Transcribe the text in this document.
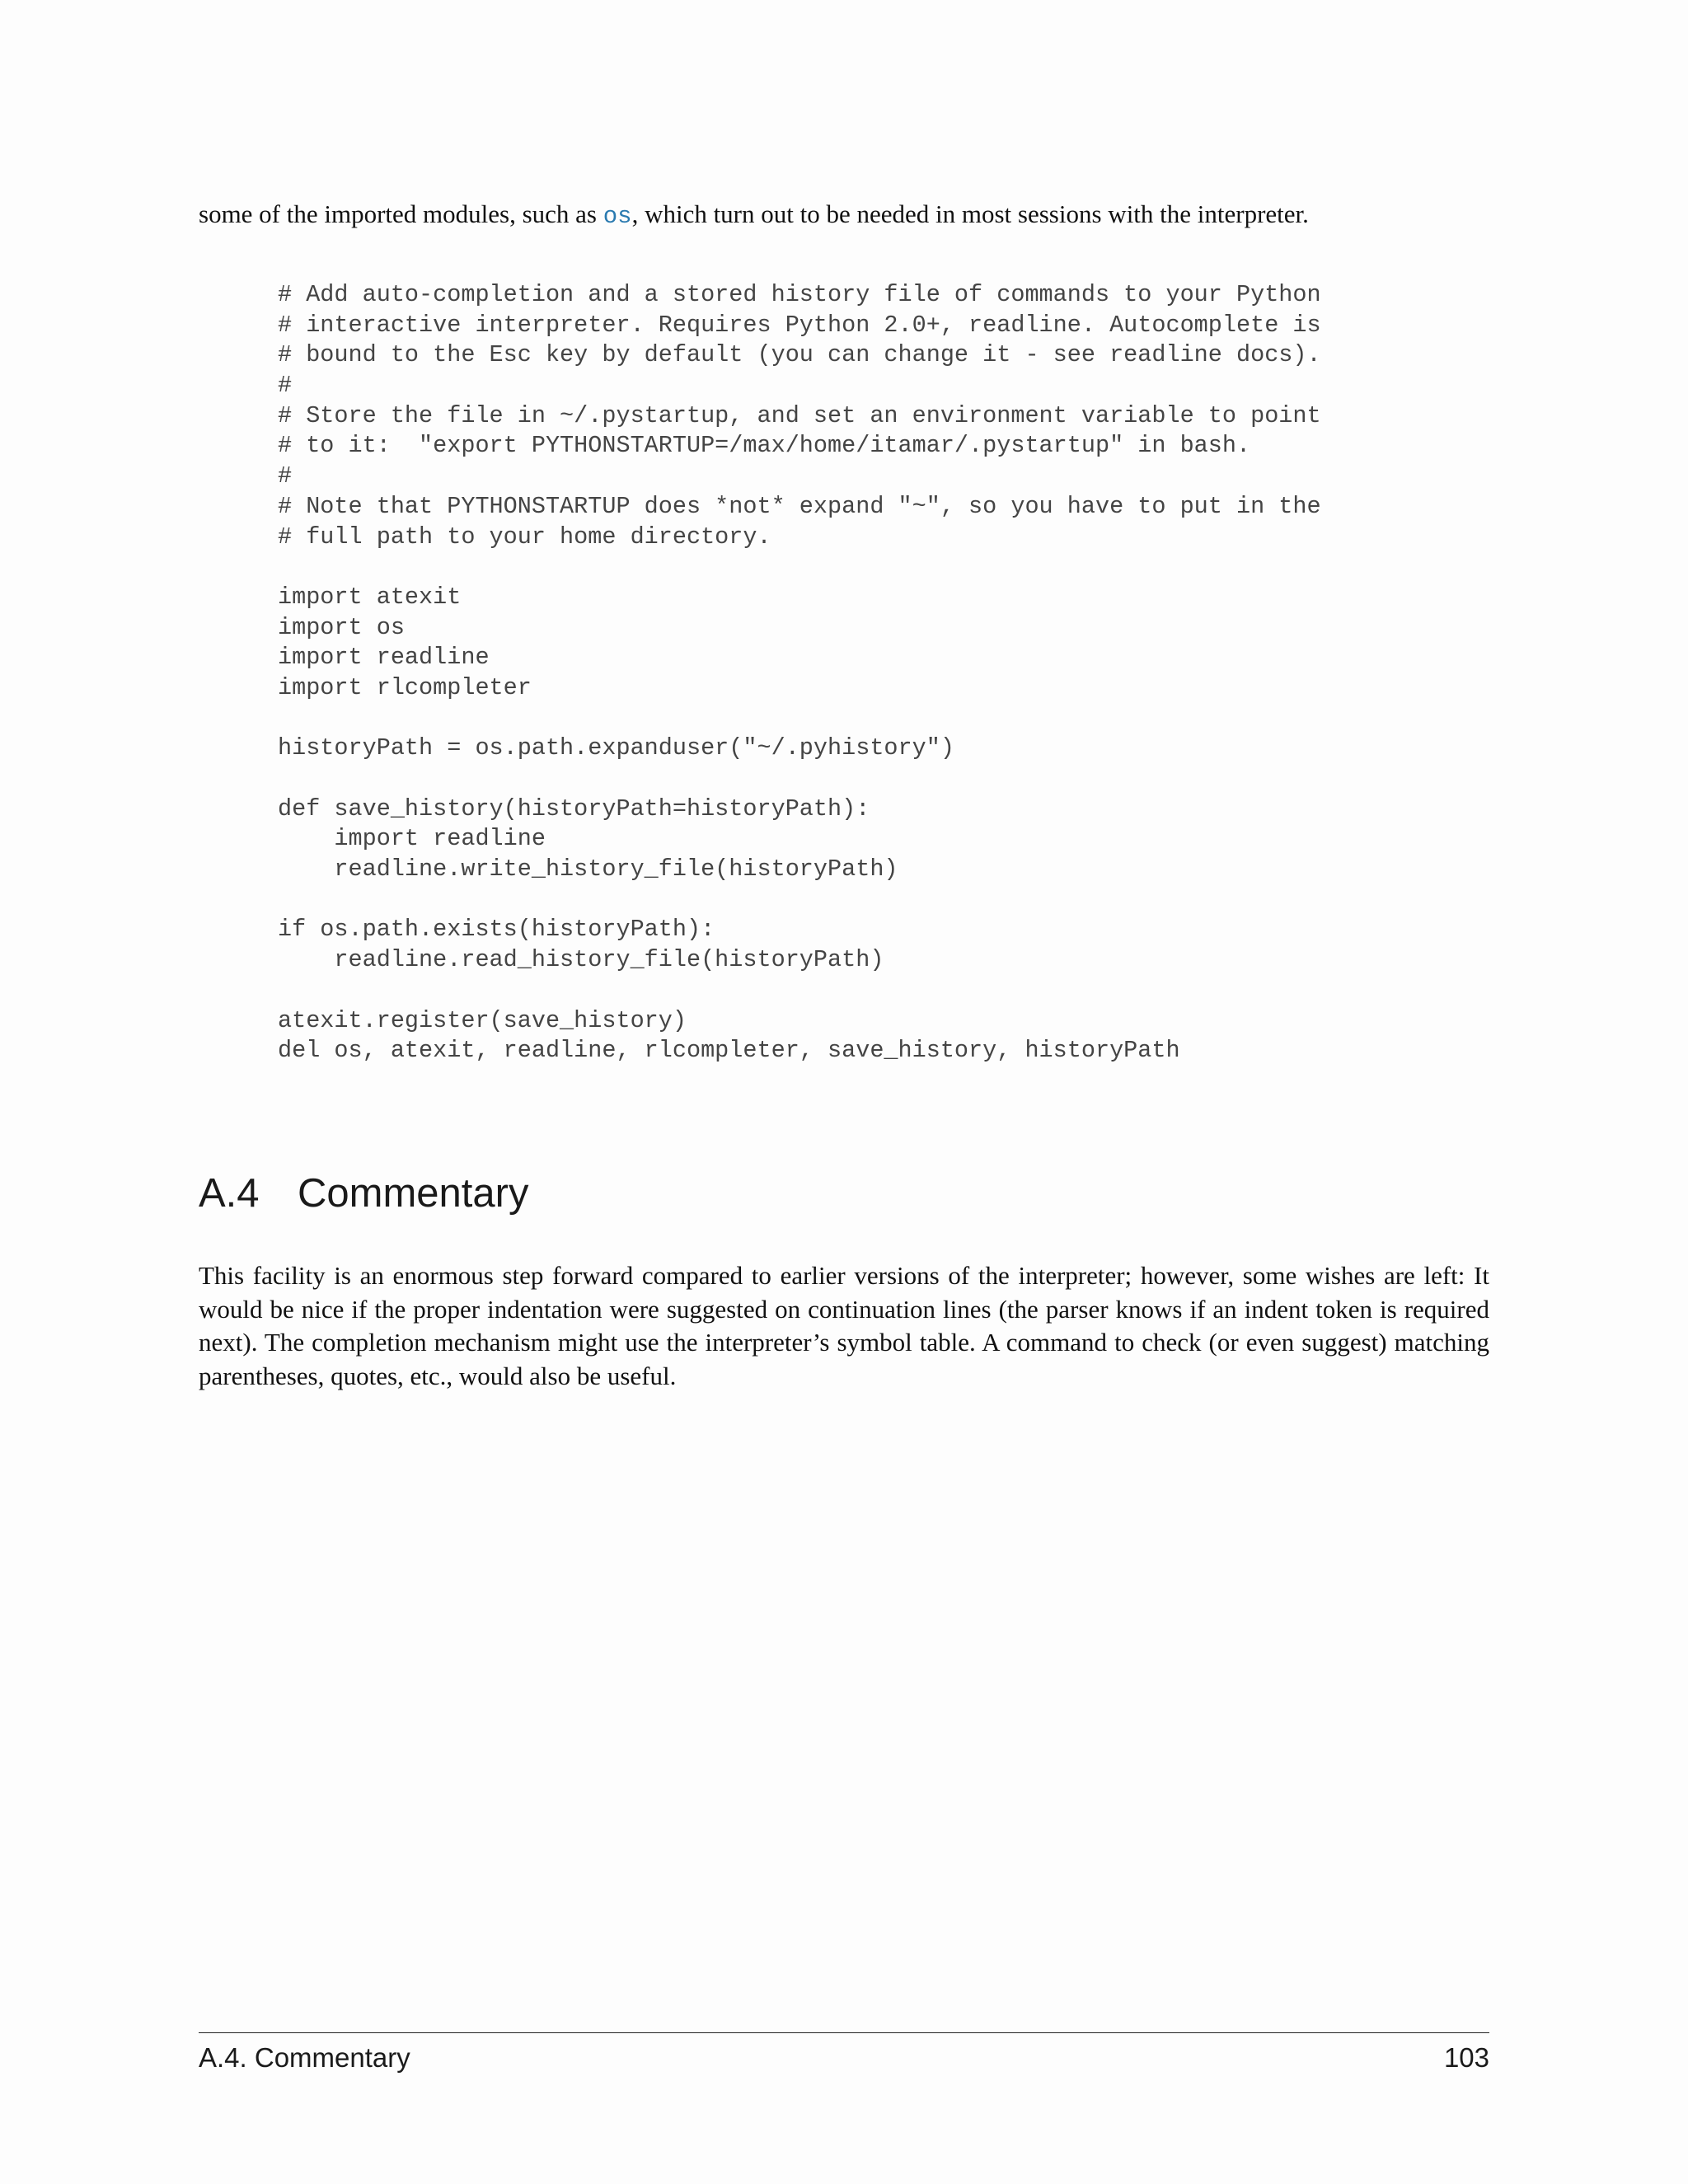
some of the imported modules, such as os, which turn out to be needed in most sessions with the interpreter.

# Add auto-completion and a stored history file of commands to your Python
# interactive interpreter. Requires Python 2.0+, readline. Autocomplete is
# bound to the Esc key by default (you can change it - see readline docs).
#
# Store the file in ~/.pystartup, and set an environment variable to point
# to it:  "export PYTHONSTARTUP=/max/home/itamar/.pystartup" in bash.
#
# Note that PYTHONSTARTUP does *not* expand "~", so you have to put in the
# full path to your home directory.
import atexit
import os
import readline
import rlcompleter
historyPath = os.path.expanduser("~/.pyhistory")
def save_history(historyPath=historyPath):
import readline
readline.write_history_file(historyPath)
if os.path.exists(historyPath):
readline.read_history_file(historyPath)
atexit.register(save_history)
del os, atexit, readline, rlcompleter, save_history, historyPath
A.4 Commentary

This facility is an enormous step forward compared to earlier versions of the interpreter; however, some wishes are left: It would be nice if the proper indentation were suggested on continuation lines (the parser knows if an indent token is required next). The completion mechanism might use the interpreter’s symbol table. A command to check (or even suggest) matching parentheses, quotes, etc., would also be useful.

A.4. Commentary	103
